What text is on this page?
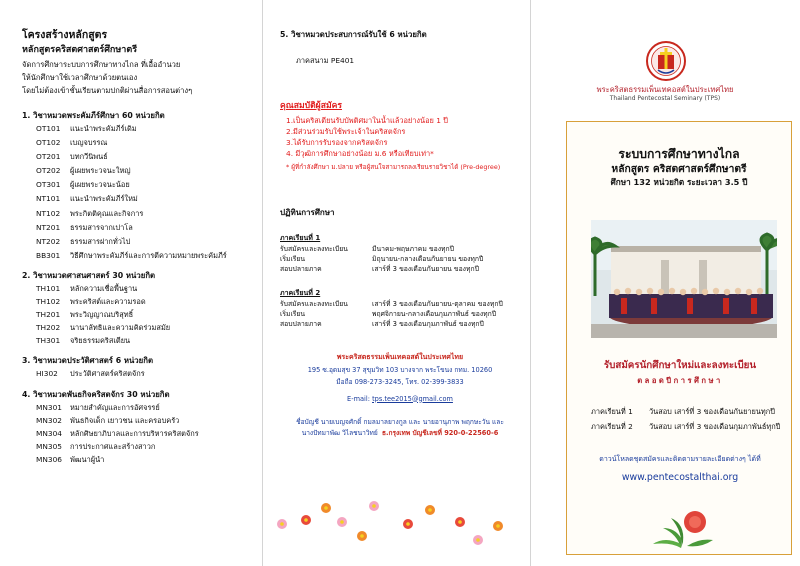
โครงสร้างหลักสูตร
หลักสูตรคริสตศาสตร์ศึกษาตรี
จัดการศึกษาระบบการศึกษาทางไกล ที่เอื้ออำนวย
ให้นักศึกษาใช้เวลาศึกษาด้วยตนเอง
โดยไม่ต้องเข้าชั้นเรียนตามปกติผ่านสื่อการสอนต่างๆ
1. วิชาหมวดพระคัมภีร์ศึกษา 60 หน่วยกิต
OT101 แนะนำพระคัมภีร์เดิม
OT102 เบญจบรรณ
OT201 บทกวีนิพนธ์
OT202 ผู้เผยพระวจนะใหญ่
OT301 ผู้เผยพระวจนะน้อย
NT101 แนะนำพระคัมภีร์ใหม่
NT102 พระกิตติคุณและกิจการ
NT201 ธรรมสารจากเปาโล
NT202 ธรรมสารฝากทั่วไป
BB301 วิธีศึกษาพระคัมภีร์และการตีความหมายพระคัมภีร์
2. วิชาหมวดศาสนศาสตร์ 30 หน่วยกิต
TH101 หลักความเชื่อพื้นฐาน
TH102 พระคริสต์และความรอด
TH201 พระวิญญาณบริสุทธิ์
TH202 นานาลัทธิและความคิดร่วมสมัย
TH301 จริยธรรมคริสเตียน
3. วิชาหมวดประวัติศาสตร์ 6 หน่วยกิต
HI302 ประวัติศาสตร์คริสตจักร
4. วิชาหมวดพันธกิจคริสตจักร 30 หน่วยกิต
MN301 หมายสำคัญและการอัศจรรย์
MN302 พันธกิจเด็ก เยาวชน และครอบครัว
MN304 หลักศิษยาภิบาลและการบริหารคริสตจักร
MN305 การประกาศและสร้างสาวก
MN306 พัฒนาผู้นำ
5. วิชาหมวดประสบการณ์รับใช้ 6 หน่วยกิต
ภาคสนาม PE401
คุณสมบัติผู้สมัคร
1.เป็นคริสเตียนรับบัพติศมาในน้ำแล้วอย่างน้อย 1 ปี
2.มีส่วนร่วมรับใช้พระเจ้าในคริสตจักร
3.ได้รับการรับรองจากคริสตจักร
4. มีวุฒิการศึกษาอย่างน้อย ม.6 หรือเทียบเท่า*
* ผู้ที่กำลังศึกษา ม.ปลาย หรือผู้สนใจสามารถลงเรียนรายวิชาได้ (Pre-degree)
ปฏิทินการศึกษา
ภาคเรียนที่ 1
รับสมัครและลงทะเบียน	มีนาคม-พฤษภาคม ของทุกปี
เริ่มเรียน	มิถุนายน-กลางเดือนกันยายน ของทุกปี
สอบปลายภาค	เสาร์ที่ 3 ของเดือนกันยายน ของทุกปี
ภาคเรียนที่ 2
รับสมัครและลงทะเบียน	เสาร์ที่ 3 ของเดือนกันยายน-ตุลาคม ของทุกปี
เริ่มเรียน	พฤศจิกายน-กลางเดือนกุมภาพันธ์ ของทุกปี
สอบปลายภาค	เสาร์ที่ 3 ของเดือนกุมภาพันธ์ ของทุกปี
พระคริสตธรรมเพ็นเทคอสต์ในประเทศไทย
195 ซ.อุดมสุข 37 สุขุมวิท 103 บางจาก พระโขนง กทม. 10260
มือถือ 098-273-3245, โทร. 02-399-3833
E-mail: tps.tee2015@gmail.com
ชื่อบัญชี นายเบญจศักดิ์ กมลมาลยางกูล และ นายอานุภาพ พฤกษะวัน และ
นางปัทมาพัฒ วิไลชนาวิทย์ ธ.กรุงเทพ บัญชีเลขที่ 920-0-22560-6
พระคริสตธรรมเพ็นเทคอสต์ในประเทศไทย
Thailand Pentecostal Seminary (TPS)
ระบบการศึกษาทางไกล
หลักสูตร คริสตศาสตร์ศึกษาตรี
ศึกษา 132 หน่วยกิต ระยะเวลา 3.5 ปี
รับสมัครนักศึกษาใหม่และลงทะเบียน
ตลอดปีการศึกษา
ภาคเรียนที่ 1 วันสอบ เสาร์ที่ 3 ของเดือนกันยายนทุกปี
ภาคเรียนที่ 2 วันสอบ เสาร์ที่ 3 ของเดือนกุมภาพันธ์ทุกปี
ดาวน์โหลดชุดสมัครและติดตามรายละเอียดต่างๆ ได้ที่
www.pentecostalthai.org
